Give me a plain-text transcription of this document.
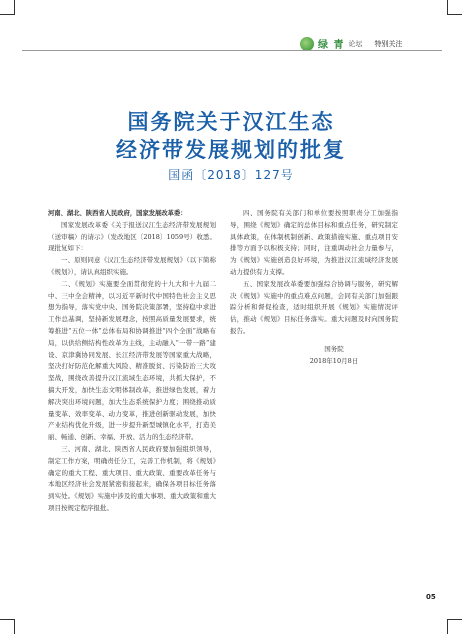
绿 青 论坛 特别关注
国务院关于汉江生态
经济带发展规划的批复
国函〔2018〕127号

河南、湖北、陕西省人民政府，国家发展改革委：

国家发展改革委《关于报送汉江生态经济带发展规划（送审稿）的请示》（发改地区〔2018〕1059号）收悉。现批复如下：

一、原则同意《汉江生态经济带发展规划》（以下简称《规划》），请认真组织实施。

二、《规划》实施要全面贯彻党的十九大和十九届二中、三中全会精神，以习近平新时代中国特色社会主义思想为指导，落实党中央、国务院决策部署，坚持稳中求进工作总基调，坚持新发展理念，按照高质量发展要求，统筹推进“五位一体”总体布局和协调推进“四个全面”战略布局，以供给侧结构性改革为主线，主动融入“一带一路”建设、京津冀协同发展、长江经济带发展等国家重大战略，坚决打好防范化解重大风险、精准脱贫、污染防治三大攻坚战，围绕改善提升汉江流域生态环境，共抓大保护，不搞大开发，加快生态文明体制改革，推进绿色发展，着力解决突出环境问题，加大生态系统保护力度；围绕推动质量变革、效率变革、动力变革，推进创新驱动发展，加快产业结构优化升级，进一步提升新型城镇化水平，打造美丽、畅通、创新、幸福、开放、活力的生态经济带。

三、河南、湖北、陕西省人民政府要加强组织领导，制定工作方案，明确责任分工，完善工作机制，将《规划》确定的重大工程、重大项目、重大政策、重要改革任务与本地区经济社会发展紧密衔接起来，确保各项目标任务落到实处。《规划》实施中涉及的重大事项、重大政策和重大项目按规定程序报批。

四、国务院有关部门和单位要按照职责分工加强指导，围绕《规划》确定的总体目标和重点任务，研究制定具体政策，在体制机制创新、政策措施实施、重点项目安排等方面予以积极支持；同时，注重调动社会力量参与，为《规划》实施创造良好环境，为推进汉江流域经济发展动力提供有力支撑。

五、国家发展改革委要加强综合协调与服务，研究解决《规划》实施中的重点难点问题，会同有关部门加强跟踪分析和督促检查，适时组织开展《规划》实施情况评估，推动《规划》目标任务落实。重大问题及时向国务院报告。

国务院

2018年10月8日

05
